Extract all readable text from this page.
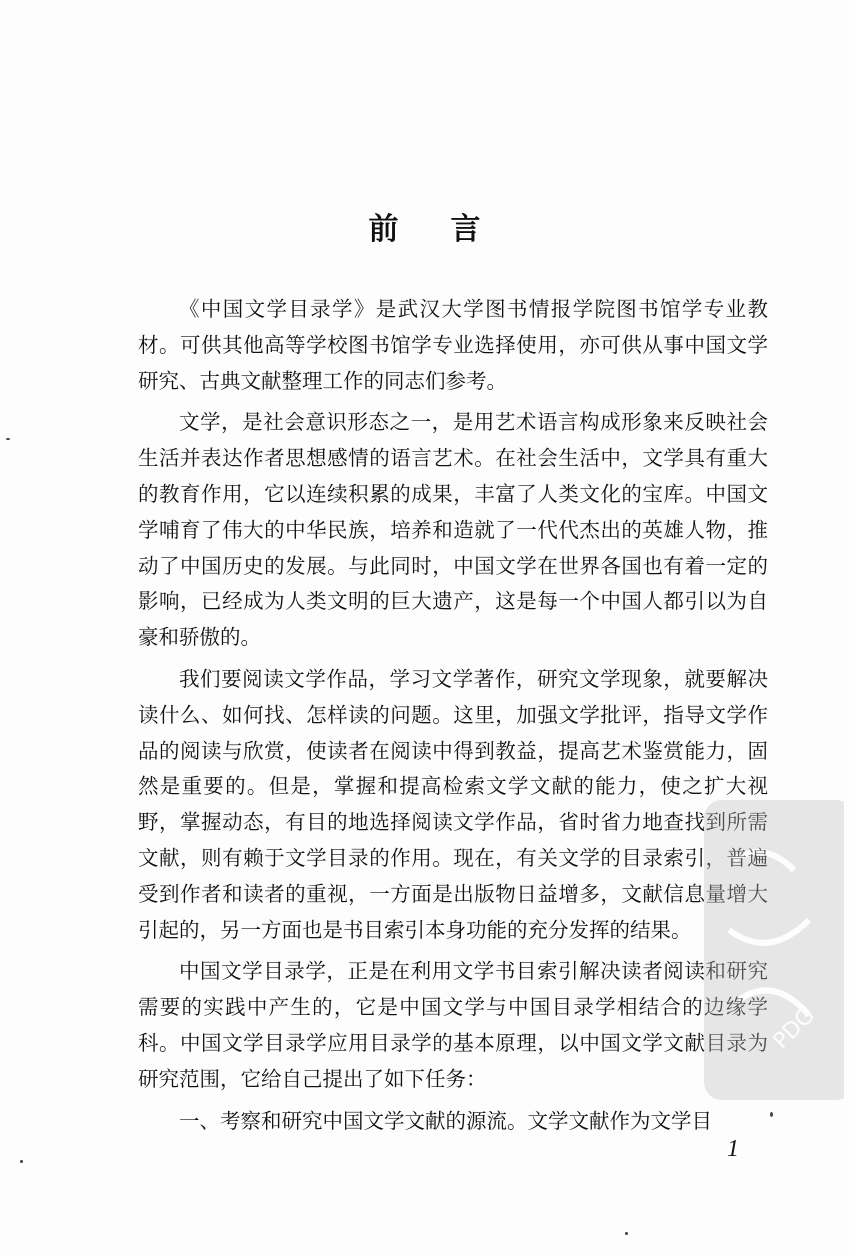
前言

《中国文学目录学》是武汉大学图书情报学院图书馆学专业教材。可供其他高等学校图书馆学专业选择使用，亦可供从事中国文学研究、古典文献整理工作的同志们参考。

文学，是社会意识形态之一，是用艺术语言构成形象来反映社会生活并表达作者思想感情的语言艺术。在社会生活中，文学具有重大的教育作用，它以连续积累的成果，丰富了人类文化的宝库。中国文学哺育了伟大的中华民族，培养和造就了一代代杰出的英雄人物，推动了中国历史的发展。与此同时，中国文学在世界各国也有着一定的影响，已经成为人类文明的巨大遗产，这是每一个中国人都引以为自豪和骄傲的。

我们要阅读文学作品，学习文学著作，研究文学现象，就要解决读什么、如何找、怎样读的问题。这里，加强文学批评，指导文学作品的阅读与欣赏，使读者在阅读中得到教益，提高艺术鉴赏能力，固然是重要的。但是，掌握和提高检索文学文献的能力，使之扩大视野，掌握动态，有目的地选择阅读文学作品，省时省力地查找到所需文献，则有赖于文学目录的作用。现在，有关文学的目录索引，普遍受到作者和读者的重视，一方面是出版物日益增多，文献信息量增大引起的，另一方面也是书目索引本身功能的充分发挥的结果。

中国文学目录学，正是在利用文学书目索引解决读者阅读和研究需要的实践中产生的，它是中国文学与中国目录学相结合的边缘学科。中国文学目录学应用目录学的基本原理，以中国文学文献目录为研究范围，它给自己提出了如下任务：

一、考察和研究中国文学文献的源流。文学文献作为文学目

1
PDG
